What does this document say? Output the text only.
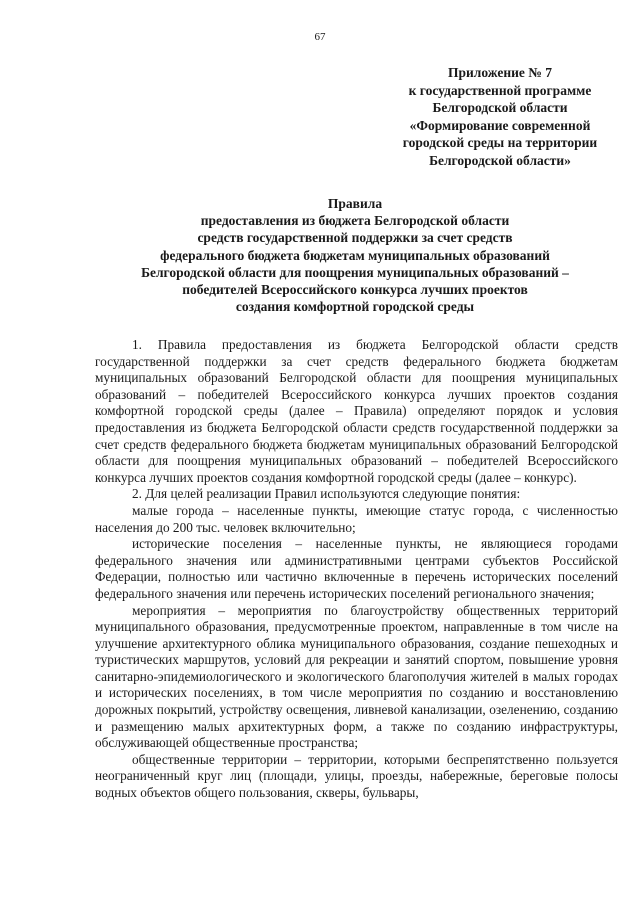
67
Приложение № 7
к государственной программе
Белгородской области
«Формирование современной
городской среды на территории
Белгородской области»
Правила
предоставления из бюджета Белгородской области
средств государственной поддержки за счет средств
федерального бюджета бюджетам муниципальных образований
Белгородской области для поощрения муниципальных образований –
победителей Всероссийского конкурса лучших проектов
создания комфортной городской среды

1. Правила предоставления из бюджета Белгородской области средств государственной поддержки за счет средств федерального бюджета бюджетам муниципальных образований Белгородской области для поощрения муниципальных образований – победителей Всероссийского конкурса лучших проектов создания комфортной городской среды (далее – Правила) определяют порядок и условия предоставления из бюджета Белгородской области средств государственной поддержки за счет средств федерального бюджета бюджетам муниципальных образований Белгородской области для поощрения муниципальных образований – победителей Всероссийского конкурса лучших проектов создания комфортной городской среды (далее – конкурс).

2. Для целей реализации Правил используются следующие понятия:

малые города – населенные пункты, имеющие статус города, с численностью населения до 200 тыс. человек включительно;

исторические поселения – населенные пункты, не являющиеся городами федерального значения или административными центрами субъектов Российской Федерации, полностью или частично включенные в перечень исторических поселений федерального значения или перечень исторических поселений регионального значения;

мероприятия – мероприятия по благоустройству общественных территорий муниципального образования, предусмотренные проектом, направленные в том числе на улучшение архитектурного облика муниципального образования, создание пешеходных и туристических маршрутов, условий для рекреации и занятий спортом, повышение уровня санитарно-эпидемиологического и экологического благополучия жителей в малых городах и исторических поселениях, в том числе мероприятия по созданию и восстановлению дорожных покрытий, устройству освещения, ливневой канализации, озеленению, созданию и размещению малых архитектурных форм, а также по созданию инфраструктуры, обслуживающей общественные пространства;

общественные территории – территории, которыми беспрепятственно пользуется неограниченный круг лиц (площади, улицы, проезды, набережные, береговые полосы водных объектов общего пользования, скверы, бульвары,
